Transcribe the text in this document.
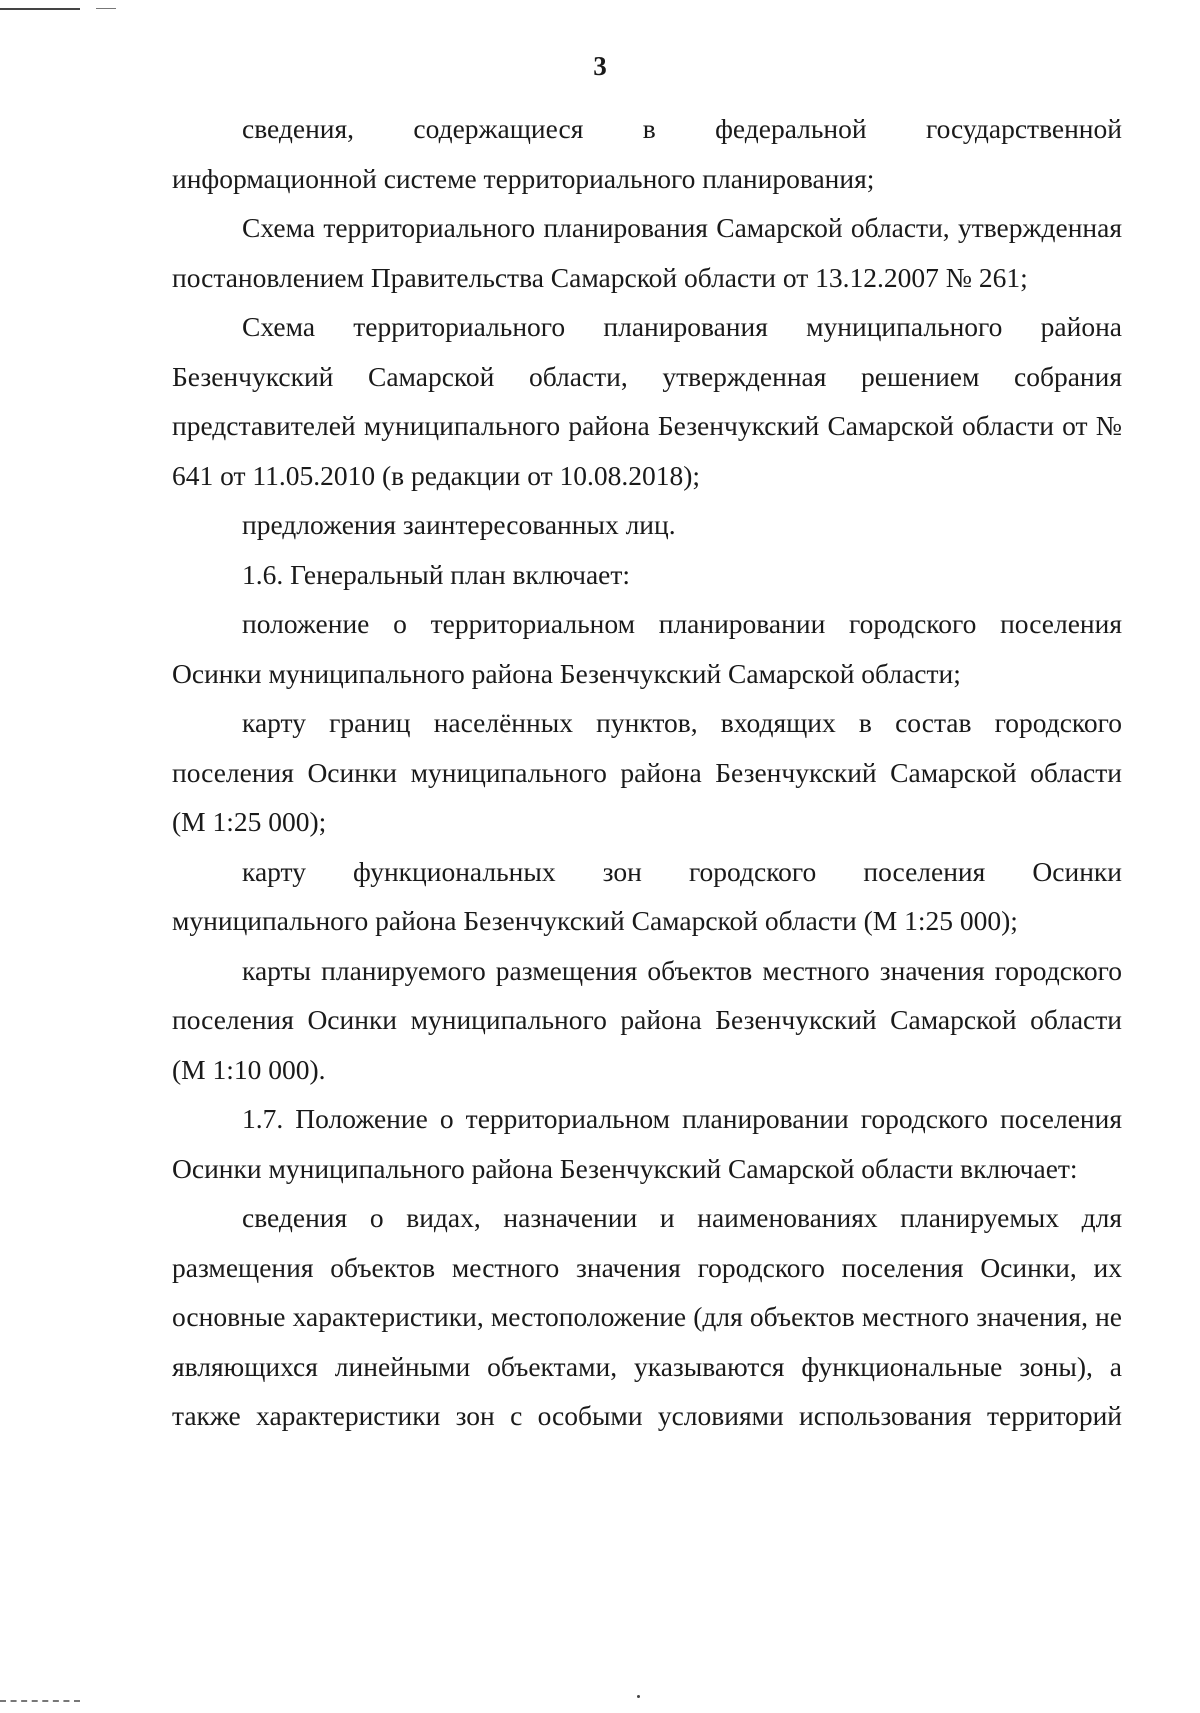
3

сведения, содержащиеся в федеральной государственной информационной системе территориального планирования;

Схема территориального планирования Самарской области, утвержденная постановлением Правительства Самарской области от 13.12.2007 № 261;

Схема территориального планирования муниципального района Безенчукский Самарской области, утвержденная решением собрания представителей муниципального района Безенчукский Самарской области от № 641 от 11.05.2010 (в редакции от 10.08.2018);

предложения заинтересованных лиц.

1.6. Генеральный план включает:

положение о территориальном планировании городского поселения Осинки муниципального района Безенчукский Самарской области;

карту границ населённых пунктов, входящих в состав городского поселения Осинки муниципального района Безенчукский Самарской области (М 1:25 000);

карту функциональных зон городского поселения Осинки муниципального района Безенчукский Самарской области (М 1:25 000);

карты планируемого размещения объектов местного значения городского поселения Осинки муниципального района Безенчукский Самарской области (М 1:10 000).

1.7. Положение о территориальном планировании городского поселения Осинки муниципального района Безенчукский Самарской области включает:

сведения о видах, назначении и наименованиях планируемых для размещения объектов местного значения городского поселения Осинки, их основные характеристики, местоположение (для объектов местного значения, не являющихся линейными объектами, указываются функциональные зоны), а также характеристики зон с особыми условиями использования территорий
